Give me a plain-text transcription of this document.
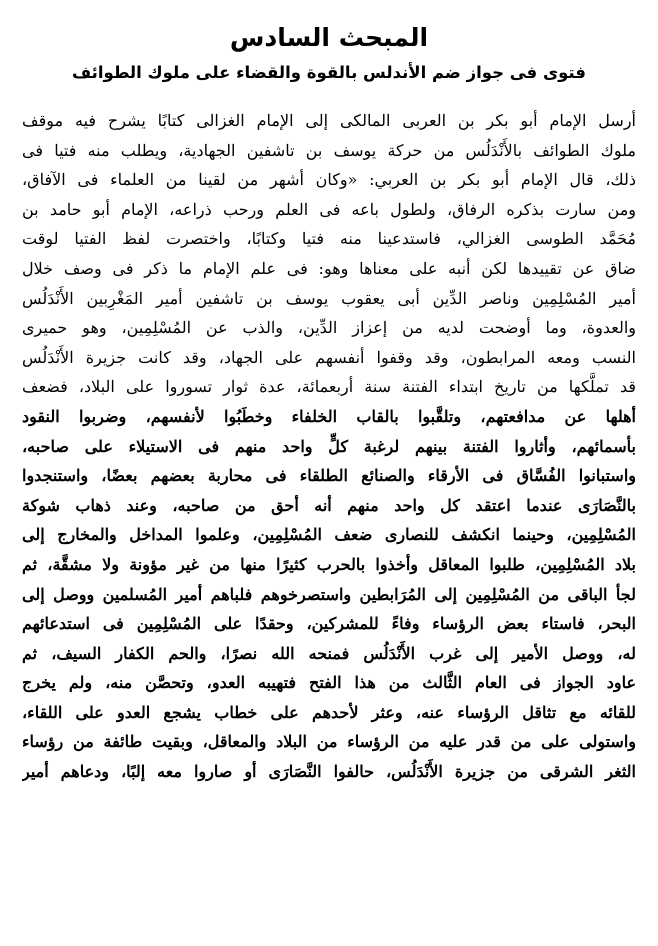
المبحث السادس
فتوى فى جواز ضم الأندلس بالقوة والقضاء على ملوك الطوائف
أرسل الإمام أبو بكر بن العربى المالكى إلى الإمام الغزالى كتابًا يشرح فيه موقف
ملوك الطوائف بالأَنْدَلُس من حركة يوسف بن تاشفين الجهادية، ويطلب منه فتيا فى
ذلك، قال الإمام أبو بكر بن العربي: «وكان أشهر من لقينا من العلماء فى الآفاق،
ومن سارت بذكره الرفاق، ولطول باعه فى العلم ورحب ذراعه، الإمام أبو حامد بن
مُحَمَّد الطوسى الغزالي، فاستدعينا منه فتيا وكتابًا، واختصرت لفظ الفتيا لوقت
ضاق عن تقييدها لكن أنبه على معناها وهو: فى علم الإمام ما ذكر فى وصف خلال
أمير المُسْلِمِين وناصر الدِّين أبى يعقوب يوسف بن تاشفين أمير المَغْرِبين الأَنْدَلُس
والعدوة، وما أوضحت لديه من إعزاز الدِّين، والذب عن المُسْلِمِين، وهو حميرى
النسب ومعه المرابطون، وقد وقفوا أنفسهم على الجهاد، وقد كانت جزيرة الأَنْدَلُس
قد تملَّكها من تاريخ ابتداء الفتنة سنة أربعمائة، عدة ثوار تسوروا على البلاد، فضعف
أهلها عن مدافعتهم، وتلقَّبوا بالقاب الخلفاء وخطَبُوا لأنفسهم، وضربوا النقود
بأسمائهم، وأثاروا الفتنة بينهم لرغبة كلٍّ واحد منهم فى الاستيلاء على صاحبه،
واستبانوا الفُسَّاق فى الأرقاء والصنائع الطلقاء فى محاربة بعضهم بعضًا، واستنجدوا
بالنَّصَارَى عندما اعتقد كل واحد منهم أنه أحق من صاحبه، وعند ذهاب شوكة
المُسْلِمِين، وحينما انكشف للنصارى ضعف المُسْلِمِين، وعلموا المداخل والمخارج إلى
بلاد المُسْلِمِين، طلبوا المعاقل وأخذوا بالحرب كثيرًا منها من غير مؤونة ولا مشقَّة، ثم
لجأ الباقى من المُسْلِمِين إلى المُرَابطين واستصرخوهم فلباهم أمير المُسلمين ووصل إلى
البحر، فاستاء بعض الرؤساء وفاءً للمشركين، وحقدًا على المُسْلِمِين فى استدعائهم
له، ووصل الأمير إلى غرب الأَنْدَلُس فمنحه الله نصرًا، والحم الكفار السيف، ثم
عاود الجواز فى العام الثَّالث من هذا الفتح فتهيبه العدو، وتحصَّن منه، ولم يخرج
للقائه مع تثاقل الرؤساء عنه، وعثر لأحدهم على خطاب يشجع العدو على اللقاء،
واستولى على من قدر عليه من الرؤساء من البلاد والمعاقل، وبقيت طائفة من رؤساء
الثغر الشرقى من جزيرة الأَنْدَلُس، حالفوا النَّصَارَى أو صاروا معه إلبًا، ودعاهم أمير
